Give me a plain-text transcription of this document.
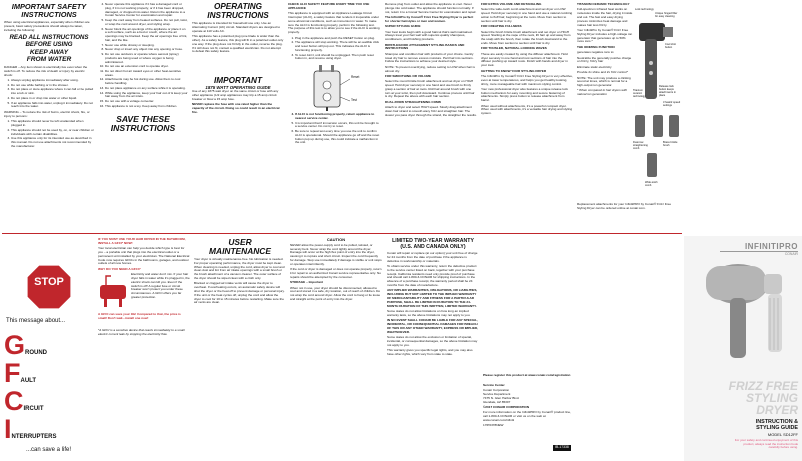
IMPORTANT SAFETY
INSTRUCTIONS

When using electrical appliances, especially when children are present, basic safety precautions should always be taken, including the following:

READ ALL INSTRUCTIONS
BEFORE USING
KEEP AWAY
FROM WATER

DANGER – Any item shown is electrically live even when the switch is off. To reduce the risk of death or injury by electric shock:

1. Always unplug appliance immediately after using.
2. Do not use while bathing or in the shower.
3. Do not place or store appliance where it can fall or be pulled into a tub or sink.
4. Do not place in or drop into water or other liquid.
5. If an appliance falls into water, unplug it immediately. Do not reach into the water.

WARNING – To reduce the risk of burns, electric shock, fire, or injury to persons:

1. This appliance should never be left unattended when plugged in.
2. This appliance should not be used by, on, or near children or individuals with certain disabilities.
3. Use this appliance only for its intended use as described in this manual. Do not use attachments not recommended by the manufacturer.
4. Never operate this appliance if it has a damaged cord or plug, if it is not working properly, or if it has been dropped, damaged, or dropped into water. Return the appliance to a Conair Service Center for examination and repair.
5. Keep the cord away from heated surfaces. Do not pull, twist, or wrap the cord around dryer, and styling wrap.
6. Never block the air openings of the appliance or place it on a soft surface, such as a bed or couch, where the air openings may be blocked. Keep the air openings free of lint, hair, and the like.
7. Never use while drowsy or sleeping.
8. Never drop or insert any object into any opening or hose.
9. Do not use outdoors or operate where aerosol (spray) products are being used or where oxygen is being administered.
10. Do not use an extension cord to operate dryer.
11. Do not direct hot air toward eyes or other heat-sensitive areas.
12. Attachments may be hot during use. Allow them to cool before handling.
13. Do not place appliance on any surface while it is operating.
14. While using the appliance, keep your hair out of & keep your hair away from the air inlets.
15. Do not use with a voltage converter.
16. This appliance is not a toy. Keep away from children.
SAVE THESE
INSTRUCTIONS
OPERATING
INSTRUCTIONS

This appliance is intended for household use only. Use an Alternating Current (AC) circuit. Standard dryers are designed to operate at 110 volts AC.

This appliance has a polarized plug (one blade is wider than the other). As a safety feature, this plug will fit in a polarized outlet only one way. If the plug does not fit fully in the outlet, reverse the plug. If it still does not fit, contact a qualified electrician. Do not attempt to defeat this safety feature.

IMPORTANT
1875 WATT OPERATING GUIDE

Use of any 1875 watt dryer on the same circuit or fuse with any other appliance (1/2 amp appliances may trip a 15 amp circuit breaker or blow a 15 amp fuse.

NEVER replace the fuse with one rated higher than the capacity of the circuit. Doing so could result in an electrical fire.

CHECK ALCI SAFETY FEATURE EVERY TIME YOU USE APPLIANCE

This appliance is equipped with an Appliance Leakage Circuit Interrupter (ALCI), a safety feature that renders it inoperable under some abnormal conditions, such as immersion in water. To make sure the ALCI is functioning properly, perform the following test. The purpose of this test is to allow you to see if the ALCI is working properly.

1. Plug in the appliance and push the RESET button on plug.
2. The appliance will stop working. There will be an audible click and reset button will pop out. This indicates the ALCI is functioning properly.
3. To reset ALCI, unit should be unplugged. Then push reset button in, and resume using dryer.
Reset
Test
4. If ALCI is not functioning properly, return appliance to nearest service center.
5. It is important that if immersion occurs, this unit be brought to a service center. Do not try to reset.
6. Be sure to repeat test every time you use the unit to confirm ALCI is operational. Should the appliance go off and the reset button pop up during use, this could indicate a malfunction in the unit.

Remove plug from outlet and allow the appliance to cool. Never plunge into cold water. The appliance should function normally. If not, return it to a Conair Service Center for examination and repair.

The InfinitiPro by Conair® Frizz Free Styling Dryer is perfect for shorter hairstyles or men and women.

SUPER STYLING GUIDE

Your best looks begin with a good haircut that's well maintained. Always treat your hair well with superior-quality shampoos, conditioners, and finishing products.

BRISTLE/HOOK ATTACHMENT STYLING BASICS AND INSTRUCTIONS

Shampoo and condition hair with products of your choice. Gently towel dry hair to remove excess moisture. Part hair into sections. Follow the instructions to achieve your desired style.

NOTE: To prevent overdrying, reduce setting to LOW when hair is almost dry.

FOR SMOOTHING OR VOLUME

Select the round bristle brush attachment and set dryer on HIGH speed. Hold dryer securely in one hand and use brush to firmly grasp a section of hair at roots. Roll hair around brush with one turn at your wrist, then pull downward. Continue process until hair is dry. Repeat the above with each hair section.

DUAL-FROW STRAIGHTENING COMB

Attach to dryer and select HIGH speed. Slowly drag attachment down hair strand to smooth wavy frizz and straighten hair. The slower you pass dryer through the strand, the straighter the results.

FOR EXTRA VOLUME AND DETANGLING

Select the wide-tooth comb attachment and set dryer on LOW speed. Hold dryer securely in one hand and use a natural combing action to fluff hair, beginning at the roots. Move from section to section until hair is dry.

FOR CREATING FULLNESS

Select the brush bristle brush attachment and set dryer on HIGH speed. Starting at the nape of the neck, lift hair up and away from the scalp with the brush, then rotate the brush downward to the ends. Move from section to section until hair is dry.

FOR TOUSLED, NATURAL-LOOKING WAVES

These are easily created by using the diffuser attachment. Hold dryer securely in one hand and rest sections of hair into the diffuser pushing up toward roots. Finish with hands and dryer in your look.

GETTING TO KNOW YOUR STYLING DRYER

The InfinitiPro by Conair® Frizz Free Styling Dryer is very effective, even at lower temperatures, and helps you get healthy-looking, shiny, more manageable hair with maximum styling control.

Your new professional dryer also features a unique release lock button mechanism for easy mounting and secure fastening of attachments. Simply press button to release attachment from barrel.

When used without attachments, it's a powerful compact dryer. When used with attachments, it's a versatile hair drying and styling system.

TITANIUM CERAMIC TECHNOLOGY

Full-spectrum infrared heat works on molecules inside the hair, drying it inside and out. The fast and easy drying process minimizes heat damage and makes hair less frizzy.

Your InfinitiPro by Conair® Frizz Free Styling Dryer includes a high-voltage ion generator that generates up to 50% more ions.*

THE IONIZING FUNCTION

generates negative ions to:

Neutralize the generally positive charge on frizzy, frizzy hair

Eliminate static electricity

Provide 2x shine and 2x frizz control*

NOTE: The unit may produce a clicking sound at times, which is normal for a high-output ion generator.

* When compared to hair dryers with natural ion generation

Lock technology
Unique hinged filter for easy cleaning
Cool shot button
Titanium ceramic technology
Release lock button keeps attachments in place
3 heat/2 speed settings
Dual-row straightening comb
Brace bristle brush
Wide-tooth comb

Replacement attachments for your InfinitiPRO by Conair® Frizz Free Styling Dryer can be ordered online at conair.com.

STOP
This message about...
GROUND
FAULT
CIRCUIT
INTERRUPTERS
...can save a life!

IF YOU MUST USE YOUR HAIR DRYER IN THE BATHROOM, INSTALL A GFCI* NOW!

Your local electrician can help you decide which type is best for you – a portable unit that plugs into the electrical outlet or a permanent unit installed by your electrician. The National Electrical Code now requires GFCIs in the bathrooms, garages, and outdoor outlets of all new homes.

WHY DO YOU NEED A GFCI?

Electricity and water don't mix. If your hair dryer falls in water while it's plugged in, the electric shock can kill you. Even if the switch is off! A regular fuse or circuit breaker won't protect you under these circumstances. A GFCI offers you far greater protection.

A GFCI can save your life! Compared to that, the price is small! Don't wait...install one now!

*A GFCI is a sensitive device that reacts immediately to a small electric current leak by stopping the electricity flow.

USER
MAINTENANCE

Your dryer is virtually maintenance-free. No lubrication is needed. For proper operating performance, the dryer must be kept clean. When cleaning is needed, unplug the cord, allow dryer to cool and clean dust and lint from air intake openings with a small brush or the brush attachment of a vacuum cleaner. The outer surface of the dryer should be wiped clean with a cloth only.

Blocked or clogged air intake vents will cause the dryer to overheat. If overheating occurs, an automatic safety device will shut the dryer or the heat off to prevent damage or personal injury. If the unit or the heat cycles off, unplug the cord and allow the dryer to cool for 10 to 15 minutes before restarting. Make sure the air vents are clean.

CAUTION

NEVER allow the power-supply cord to be pulled, twisted, or severely bent. Never wrap the cord tightly around the dryer. Damage will occur at the high flex point of entry into the dryer, causing it to rupture and short circuit. Inspect the cord frequently for damage. Stop use immediately if damage is visible or unit stops or operates intermittently.

If the cord or dryer is damaged or does not operate properly, return it for repair to an authorized Conair service representative only. No repairs should be attempted by the consumer.

STORAGE – Important

When not in use, your dryer should be disconnected, allowed to cool and stored in a safe, dry location, out of reach of children. Do not wrap the cord around dryer. Allow the cord to hang or lie loose and straight at the point of entry into the dryer.

LIMITED TWO-YEAR WARRANTY
(U.S. AND CANADA ONLY)

Conair will repair or replace (at our option) your unit free of charge for 24 months from the date of purchase if the appliance is defective in workmanship or materials.

To obtain service under this warranty, return the defective product to the service center listed on back, together with your purchase receipt. California residents need only provide proof of purchase and should call 1-800-3-CONAIR for shipping instructions. In the absence of a purchase receipt, the warranty period shall be 24 months from the date of manufacture.

ANY IMPLIED WARRANTIES, OBLIGATIONS, OR LIABILITIES, INCLUDING BUT NOT LIMITED TO THE IMPLIED WARRANTY OF MERCHANTABILITY AND FITNESS FOR A PARTICULAR PURPOSE, SHALL BE LIMITED IN DURATION TO THE 24-MONTH DURATION OF THIS WRITTEN, LIMITED WARRANTY.

Some states do not allow limitations on how long an implied warranty lasts, so the above limitations may not apply to you.

IN NO EVENT SHALL CONAIR BE LIABLE FOR ANY SPECIAL, INCIDENTAL, OR CONSEQUENTIAL DAMAGES FOR BREACH OF THIS OR ANY OTHER WARRANTY, EXPRESS OR IMPLIED, WHATSOEVER.

Some states do not allow the exclusion or limitation of special, incidental, or consequential damages, so the above limitation may not apply to you.

This warranty gives you specific legal rights, and you may also have other rights, which vary from state to state.

Please register this product at www.conair.com/registration

Service Center

Conair Corporation
Service Department
7475 N. Glen Harbor Blvd.
Glendale, AZ 85307

©2017 CONAIR CORPORATION

For more information on the InfinitiPRO by Conair® product line, call 1-800-3-CONAIR or visit us on the web at www.conair.com/infiniti

17IP0378NEW

IB-17338
INFINITIPRO
CONAIR
FRIZZ FREE
STYLING
DRYER
INSTRUCTION &
STYLING GUIDE
MODEL SD12FF
For your safety and continued enjoyment of this product, always read the instruction book carefully before using.
